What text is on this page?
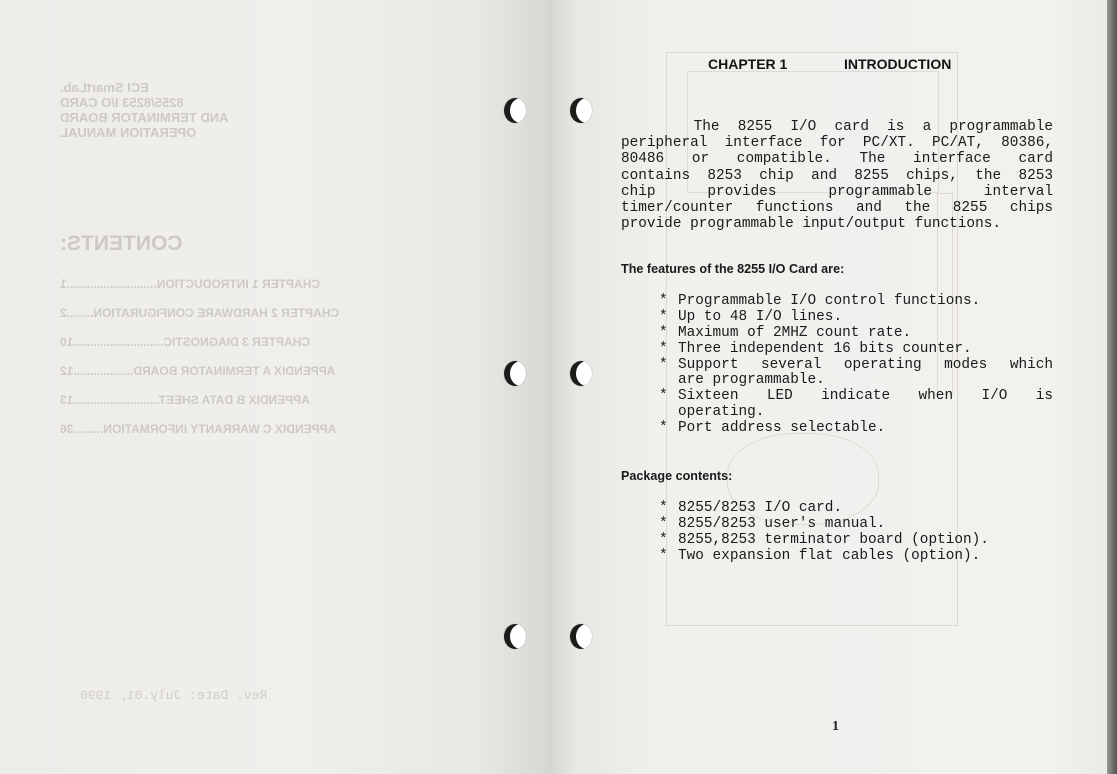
ECI SmartLab.
8255/8253 I/O CARD
AND TERMINATOR BOARD
OPERATION MANUAL
CONTENTS:
CHAPTER 1 INTRODUCTION...........................1
CHAPTER 2 HARDWARE CONFIGURATION........2
CHAPTER 3 DIAGNOSTIC...........................10
APPENDIX A TERMINATOR BOARD..................12
APPENDIX B DATA SHEET..........................13
APPENDIX C WARRANTY INFORMATION.........36
Rev. Date: July.01, 1990
CHAPTER 1	INTRODUCTION
The 8255 I/O card is a programmable
peripheral interface for PC/XT. PC/AT, 80386,
80486 or compatible. The interface card
contains 8253 chip and 8255 chips, the 8253
chip provides programmable interval
timer/counter functions and the 8255 chips
provide programmable input/output functions.
The features of the 8255 I/O Card are:
* Programmable I/O control functions.
* Up to 48 I/O lines.
* Maximum of 2MHZ count rate.
* Three independent 16 bits counter.
* Support several operating modes which
are programmable.
* Sixteen LED indicate when I/O is
operating.
* Port address selectable.
Package contents:
* 8255/8253 I/O card.
* 8255/8253 user's manual.
* 8255,8253 terminator board (option).
* Two expansion flat cables (option).
1
